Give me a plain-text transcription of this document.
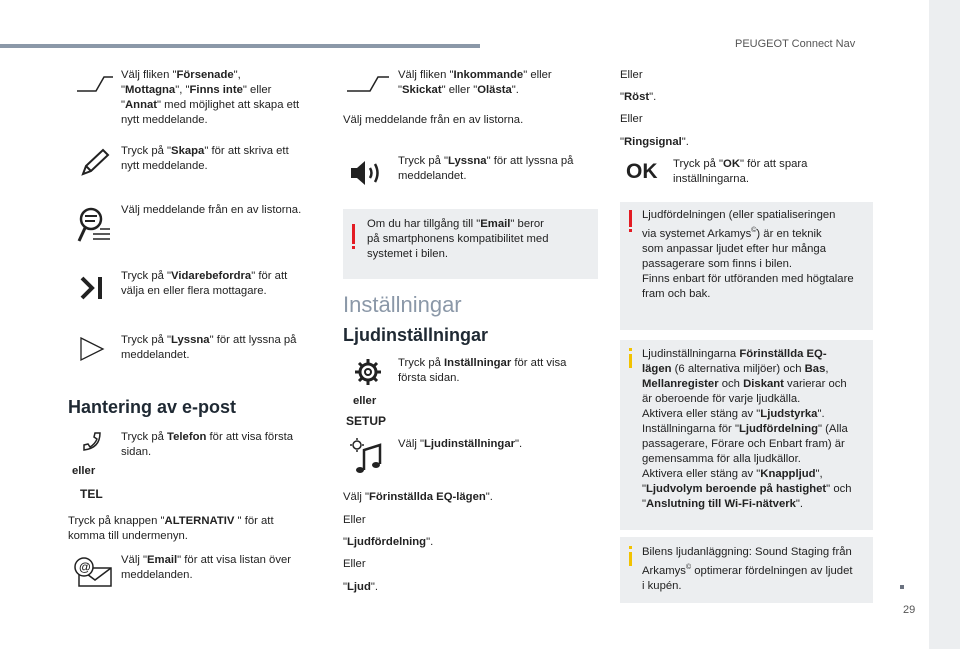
PEUGEOT Connect Nav
29
Välj fliken "Försenade",
"Mottagna", "Finns inte" eller
"Annat" med möjlighet att skapa ett
nytt meddelande.
Tryck på "Skapa" för att skriva ett
nytt meddelande.
Välj meddelande från en av listorna.
Tryck på "Vidarebefordra" för att
välja en eller flera mottagare.
Tryck på "Lyssna" för att lyssna på
meddelandet.
Hantering av e-post
eller
TEL
Tryck på Telefon för att visa första
sidan.
Tryck på knappen "ALTERNATIV " för att
komma till undermenyn.
@	Välj "Email" för att visa listan över
meddelanden.
Välj fliken "Inkommande" eller
"Skickat" eller "Olästa".
Välj meddelande från en av listorna.
Tryck på "Lyssna" för att lyssna på
meddelandet.
Om du har tillgång till "Email" beror
på smartphonens kompatibilitet med
systemet i bilen.
Inställningar
Ljudinställningar
eller
SETUP
Tryck på Inställningar för att visa
första sidan.
Välj "Ljudinställningar".
Välj "Förinställda EQ-lägen".
Eller
"Ljudfördelning".
Eller
"Ljud".
Eller
"Röst".
Eller
"Ringsignal".
OK Tryck på "OK" för att spara
inställningarna.
Ljudfördelningen (eller spatialiseringen
via systemet Arkamys©) är en teknik
som anpassar ljudet efter hur många
passagerare som finns i bilen.
Finns enbart för utföranden med högtalare
fram och bak.
Ljudinställningarna Förinställda EQ-
lägen (6 alternativa miljöer) och Bas,
Mellanregister och Diskant varierar och
är oberoende för varje ljudkälla.
Aktivera eller stäng av "Ljudstyrka".
Inställningarna för "Ljudfördelning" (Alla
passagerare, Förare och Enbart fram) är
gemensamma för alla ljudkällor.
Aktivera eller stäng av "Knappljud",
"Ljudvolym beroende på hastighet" och
"Anslutning till Wi-Fi-nätverk".
Bilens ljudanläggning: Sound Staging från
Arkamys© optimerar fördelningen av ljudet
i kupén.
